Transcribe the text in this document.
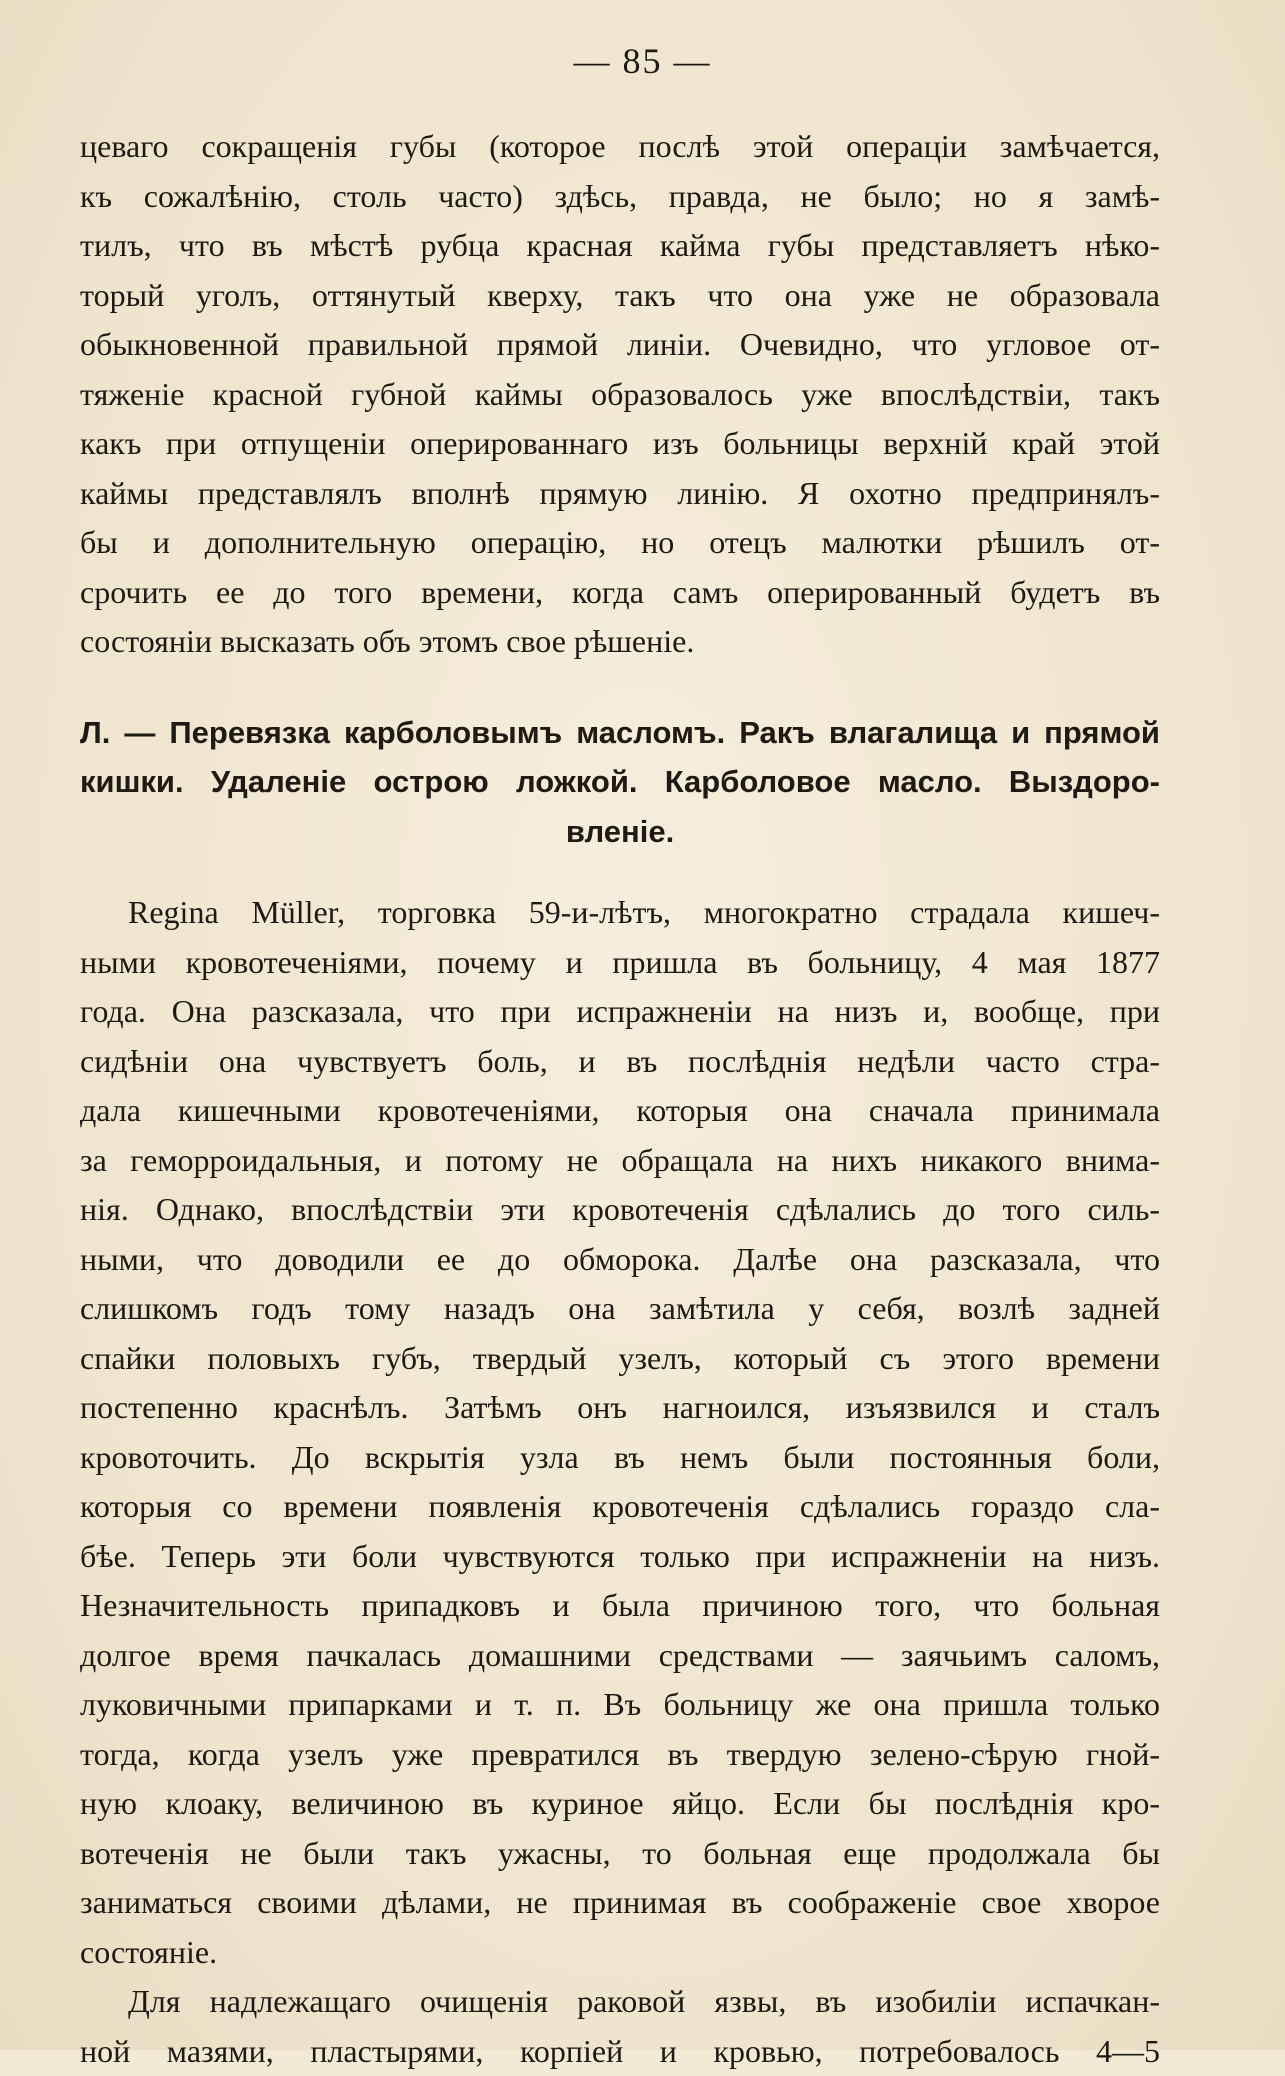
— 85 —
цеваго сокращенія губы (которое послѣ этой операціи замѣчается,
къ сожалѣнію, столь часто) здѣсь, правда, не было; но я замѣ-
тилъ, что въ мѣстѣ рубца красная кайма губы представляетъ нѣко-
торый уголъ, оттянутый кверху, такъ что она уже не образовала
обыкновенной правильной прямой линіи. Очевидно, что угловое от-
тяженіе красной губной каймы образовалось уже впослѣдствіи, такъ
какъ при отпущеніи оперированнаго изъ больницы верхній край этой
каймы представлялъ вполнѣ прямую линію. Я охотно предпринялъ-
бы и дополнительную операцію, но отецъ малютки рѣшилъ от-
срочить ее до того времени, когда самъ оперированный будетъ въ
состояніи высказать объ этомъ свое рѣшеніе.
Л. — Перевязка карболовымъ масломъ. Ракъ влагалища и прямой
кишки. Удаленіе острою ложкой. Карболовое масло. Выздоро-
вленіе.
Regina Müller, торговка 59-и-лѣтъ, многократно страдала кишеч-
ными кровотеченіями, почему и пришла въ больницу, 4 мая 1877
года. Она разсказала, что при испражненіи на низъ и, вообще, при
сидѣніи она чувствуетъ боль, и въ послѣднія недѣли часто стра-
дала кишечными кровотеченіями, которыя она сначала принимала
за геморроидальныя, и потому не обращала на нихъ никакого внима-
нія. Однако, впослѣдствіи эти кровотеченія сдѣлались до того силь-
ными, что доводили ее до обморока. Далѣе она разсказала, что
слишкомъ годъ тому назадъ она замѣтила у себя, возлѣ задней
спайки половыхъ губъ, твердый узелъ, который съ этого времени
постепенно краснѣлъ. Затѣмъ онъ нагноился, изъязвился и сталъ
кровоточить. До вскрытія узла въ немъ были постоянныя боли,
которыя со времени появленія кровотеченія сдѣлались гораздо сла-
бѣе. Теперь эти боли чувствуются только при испражненіи на низъ.
Незначительность припадковъ и была причиною того, что больная
долгое время пачкалась домашними средствами — заячьимъ саломъ,
луковичными припарками и т. п. Въ больницу же она пришла только
тогда, когда узелъ уже превратился въ твердую зелено-сѣрую гной-
ную клоаку, величиною въ куриное яйцо. Если бы послѣднія кро-
вотеченія не были такъ ужасны, то больная еще продолжала бы
заниматься своими дѣлами, не принимая въ соображеніе свое хворое
состояніе.
Для надлежащаго очищенія раковой язвы, въ изобиліи испачкан-
ной мазями, пластырями, корпіей и кровью, потребовалось 4—5
